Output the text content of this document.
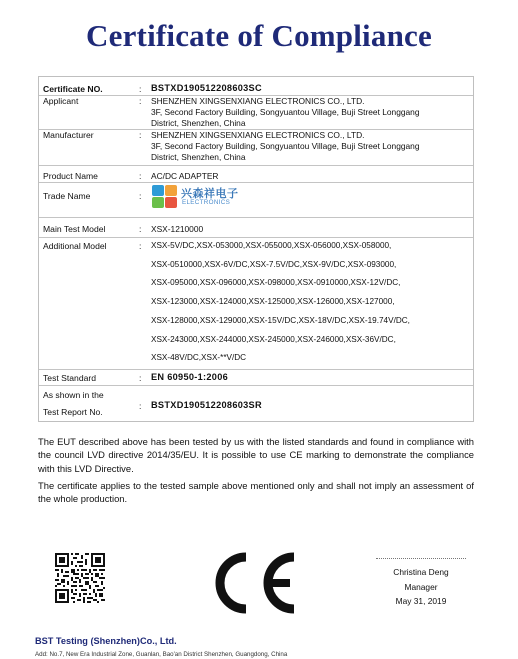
Certificate of Compliance
Certificate NO.	: BSTXD190512208603SC
Applicant	: SHENZHEN XINGSENXIANG ELECTRONICS CO., LTD.
3F, Second Factory Building, Songyuantou Village, Buji Street Longgang
District, Shenzhen, China
Manufacturer	: SHENZHEN XINGSENXIANG ELECTRONICS CO., LTD.
3F, Second Factory Building, Songyuantou Village, Buji Street Longgang
District, Shenzhen, China
Product Name	: AC/DC ADAPTER
Trade Name	:	兴森祥电子
ELECTRONICS
Main Test Model	: XSX-1210000
Additional Model	: XSX-5V/DC,XSX-053000,XSX-055000,XSX-056000,XSX-058000,
XSX-0510000,XSX-6V/DC,XSX-7.5V/DC,XSX-9V/DC,XSX-093000,
XSX-095000,XSX-096000,XSX-098000,XSX-0910000,XSX-12V/DC,
XSX-123000,XSX-124000,XSX-125000,XSX-126000,XSX-127000,
XSX-128000,XSX-129000,XSX-15V/DC,XSX-18V/DC,XSX-19.74V/DC,
XSX-243000,XSX-244000,XSX-245000,XSX-246000,XSX-36V/DC,
XSX-48V/DC,XSX-**V/DC
Test Standard	: EN 60950-1:2006
As shown in the
Test Report No.
: BSTXD190512208603SR
The EUT described above has been tested by us with the listed standards and found in compliance with the council LVD directive 2014/35/EU. It is possible to use CE marking to demonstrate the compliance with this LVD Directive.
The certificate applies to the tested sample above mentioned only and shall not imply an assessment of the whole production.
Christina Deng
Manager
May 31, 2019
BST Testing (Shenzhen)Co., Ltd.
Add: No.7, New Era Industrial Zone, Guanlan, Bao'an District Shenzhen, Guangdong, China
